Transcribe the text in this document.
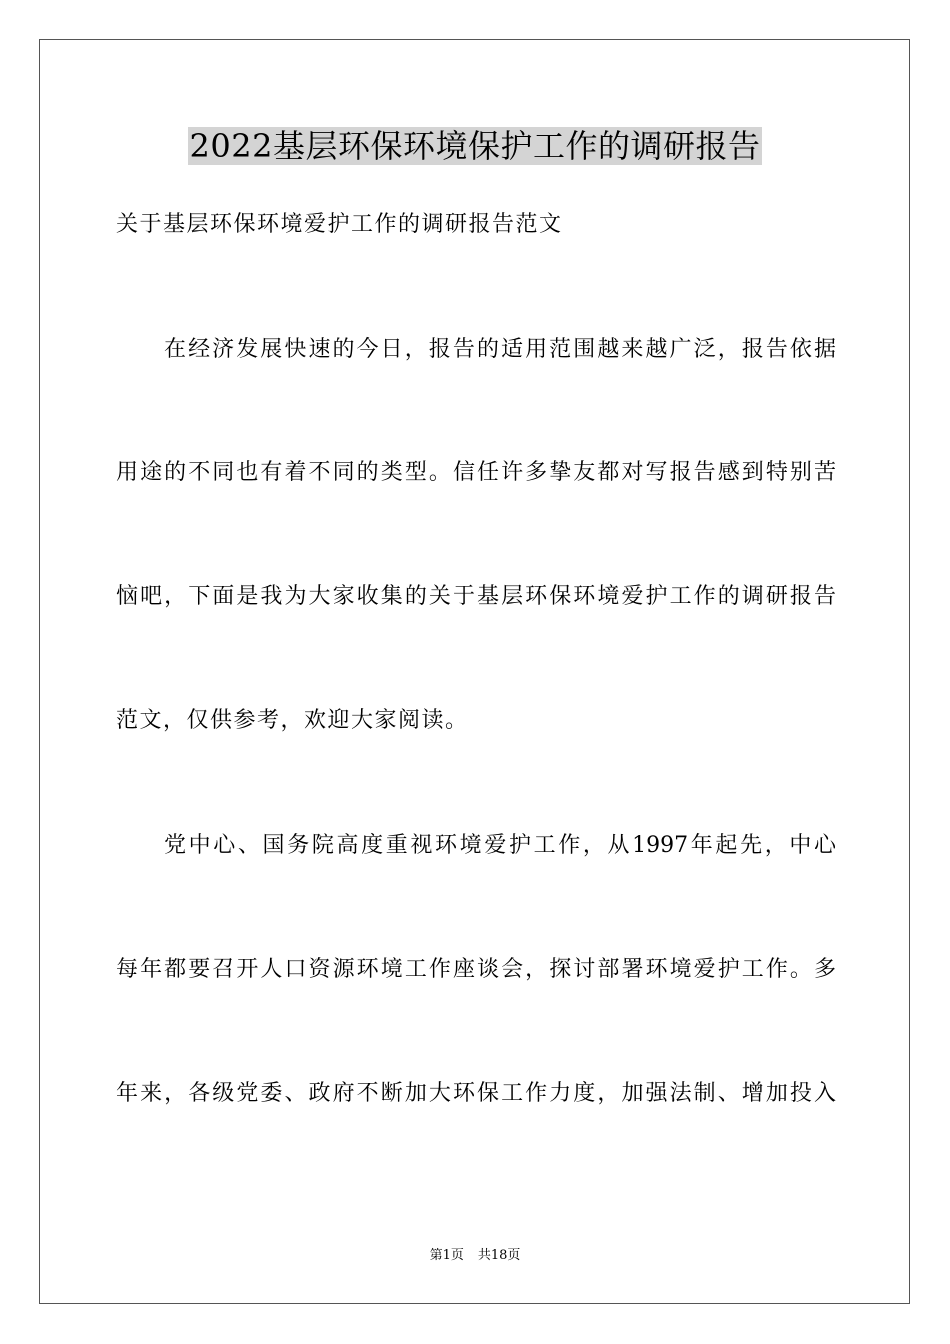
2022基层环保环境保护工作的调研报告
关于基层环保环境爱护工作的调研报告范文
在经济发展快速的今日，报告的适用范围越来越广泛，报告依据
用途的不同也有着不同的类型。信任许多挚友都对写报告感到特别苦
恼吧，下面是我为大家收集的关于基层环保环境爱护工作的调研报告
范文，仅供参考，欢迎大家阅读。
党中心、国务院高度重视环境爱护工作，从1997年起先，中心
每年都要召开人口资源环境工作座谈会，探讨部署环境爱护工作。多
年来，各级党委、政府不断加大环保工作力度，加强法制、增加投入
第1页 共18页
